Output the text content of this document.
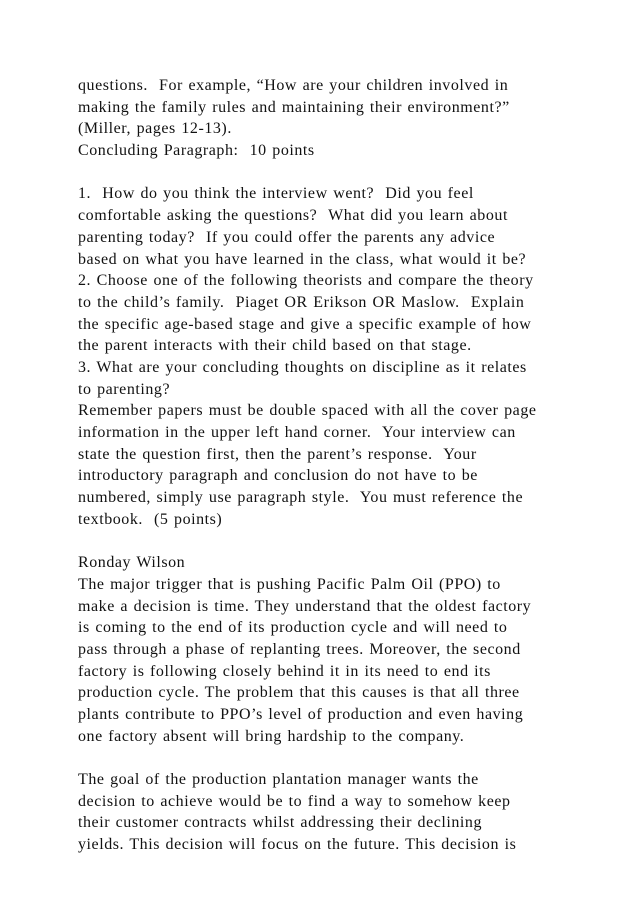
questions.  For example, “How are your children involved in
making the family rules and maintaining their environment?”
(Miller, pages 12-13).
Concluding Paragraph:  10 points
1.  How do you think the interview went?  Did you feel
comfortable asking the questions?  What did you learn about
parenting today?  If you could offer the parents any advice
based on what you have learned in the class, what would it be?
2. Choose one of the following theorists and compare the theory
to the child’s family.  Piaget OR Erikson OR Maslow.  Explain
the specific age-based stage and give a specific example of how
the parent interacts with their child based on that stage.
3. What are your concluding thoughts on discipline as it relates
to parenting?
Remember papers must be double spaced with all the cover page
information in the upper left hand corner.  Your interview can
state the question first, then the parent’s response.  Your
introductory paragraph and conclusion do not have to be
numbered, simply use paragraph style.  You must reference the
textbook.  (5 points)
Ronday Wilson
The major trigger that is pushing Pacific Palm Oil (PPO) to
make a decision is time. They understand that the oldest factory
is coming to the end of its production cycle and will need to
pass through a phase of replanting trees. Moreover, the second
factory is following closely behind it in its need to end its
production cycle. The problem that this causes is that all three
plants contribute to PPO’s level of production and even having
one factory absent will bring hardship to the company.
The goal of the production plantation manager wants the
decision to achieve would be to find a way to somehow keep
their customer contracts whilst addressing their declining
yields. This decision will focus on the future. This decision is
